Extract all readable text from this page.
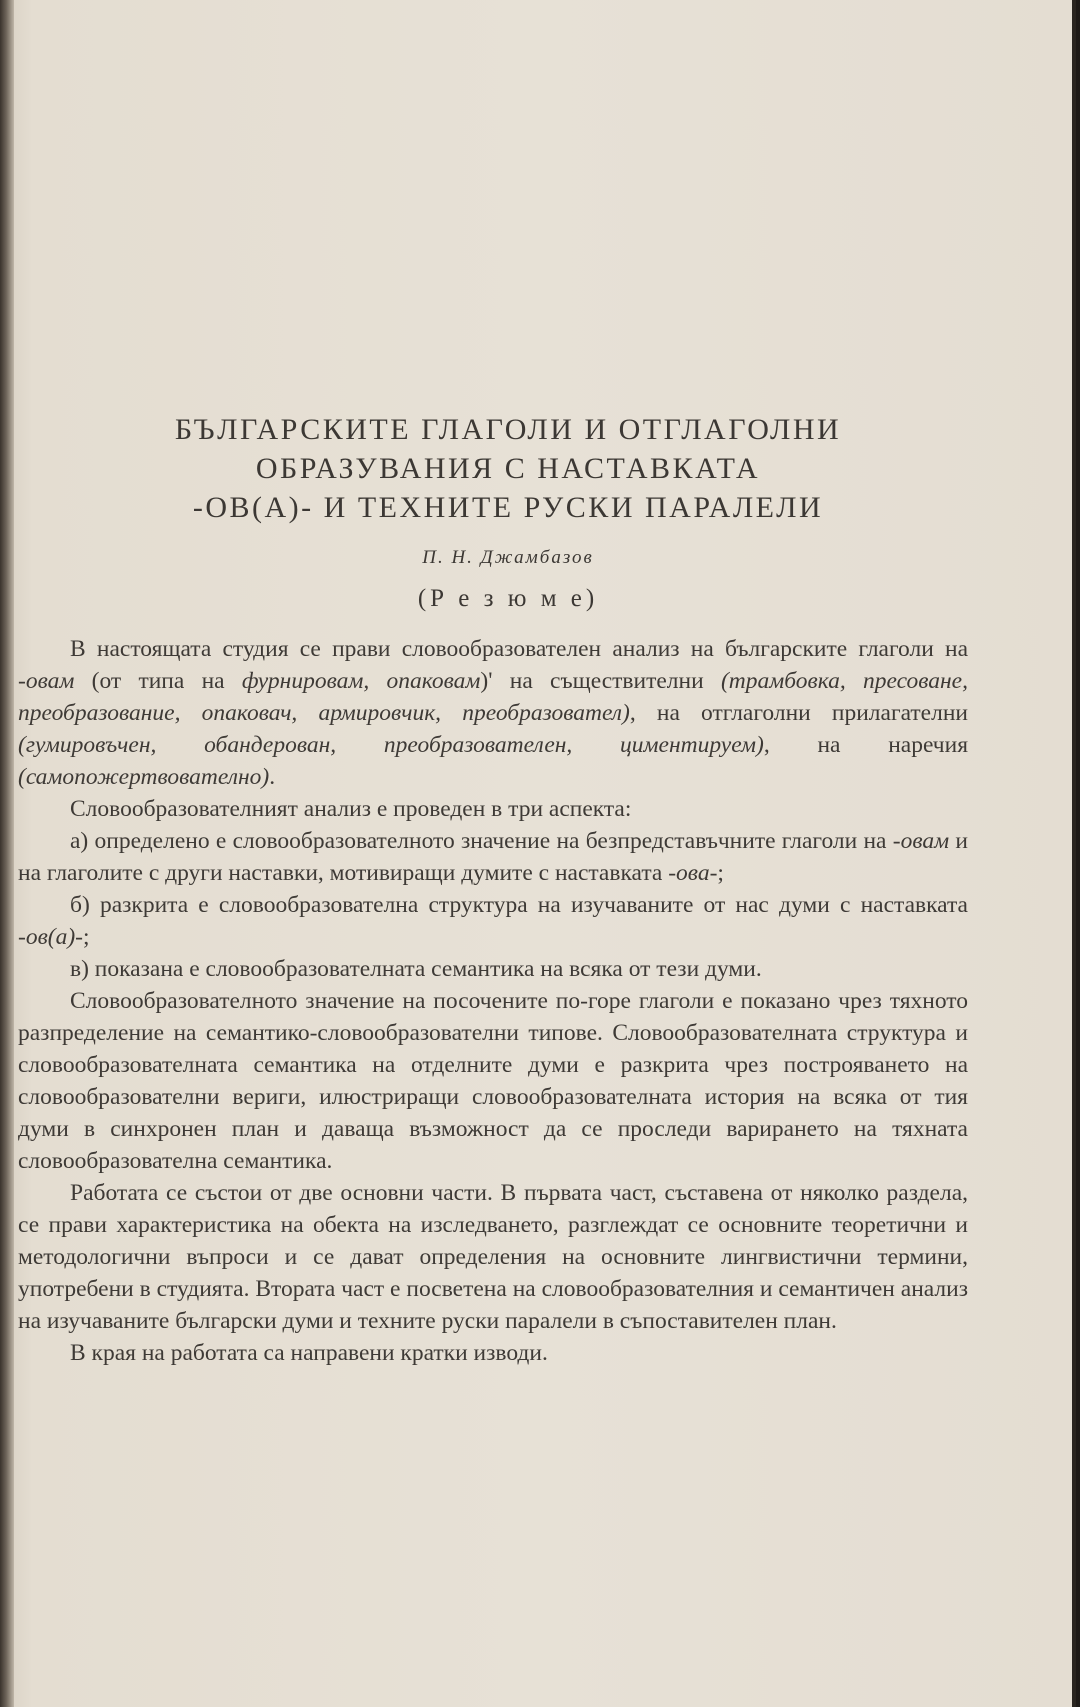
БЪЛГАРСКИТЕ ГЛАГОЛИ И ОТГЛАГОЛНИ
ОБРАЗУВАНИЯ С НАСТАВКАТА
-ОВ(А)- И ТЕХНИТЕ РУСКИ ПАРАЛЕЛИ
П. Н. Джамбазов
(Р е з ю м е)

В настоящата студия се прави словообразователен анализ на българските глаголи на -овам (от типа на фурнировам, опаковам)' на съществителни (трамбовка, пресоване, преобразование, опаковач, армировчик, преобразовател), на отглаголни прилагателни (гумировъчен, обандерован, преобразователен, циментируем), на наречия (самопожертвователно).

Словообразователният анализ е проведен в три аспекта:

а) определено е словообразователното значение на безпредставъчните глаголи на -овам и на глаголите с други наставки, мотивиращи думите с наставката -ова-;

б) разкрита е словообразователна структура на изучаваните от нас думи с наставката -ов(а)-;

в) показана е словообразователната семантика на всяка от тези думи.

Словообразователното значение на посочените по-горе глаголи е показано чрез тяхното разпределение на семантико-словообразователни типове. Словообразователната структура и словообразователната семантика на отделните думи е разкрита чрез построяването на словообразователни вериги, илюстриращи словообразователната история на всяка от тия думи в синхронен план и даваща възможност да се проследи варирането на тяхната словообразователна семантика.

Работата се състои от две основни части. В първата част, съставена от няколко раздела, се прави характеристика на обекта на изследването, разглеждат се основните теоретични и методологични въпроси и се дават определения на основните лингвистични термини, употребени в студията. Втората част е посветена на словообразователния и семантичен анализ на изучаваните български думи и техните руски паралели в съпоставителен план.

В края на работата са направени кратки изводи.
